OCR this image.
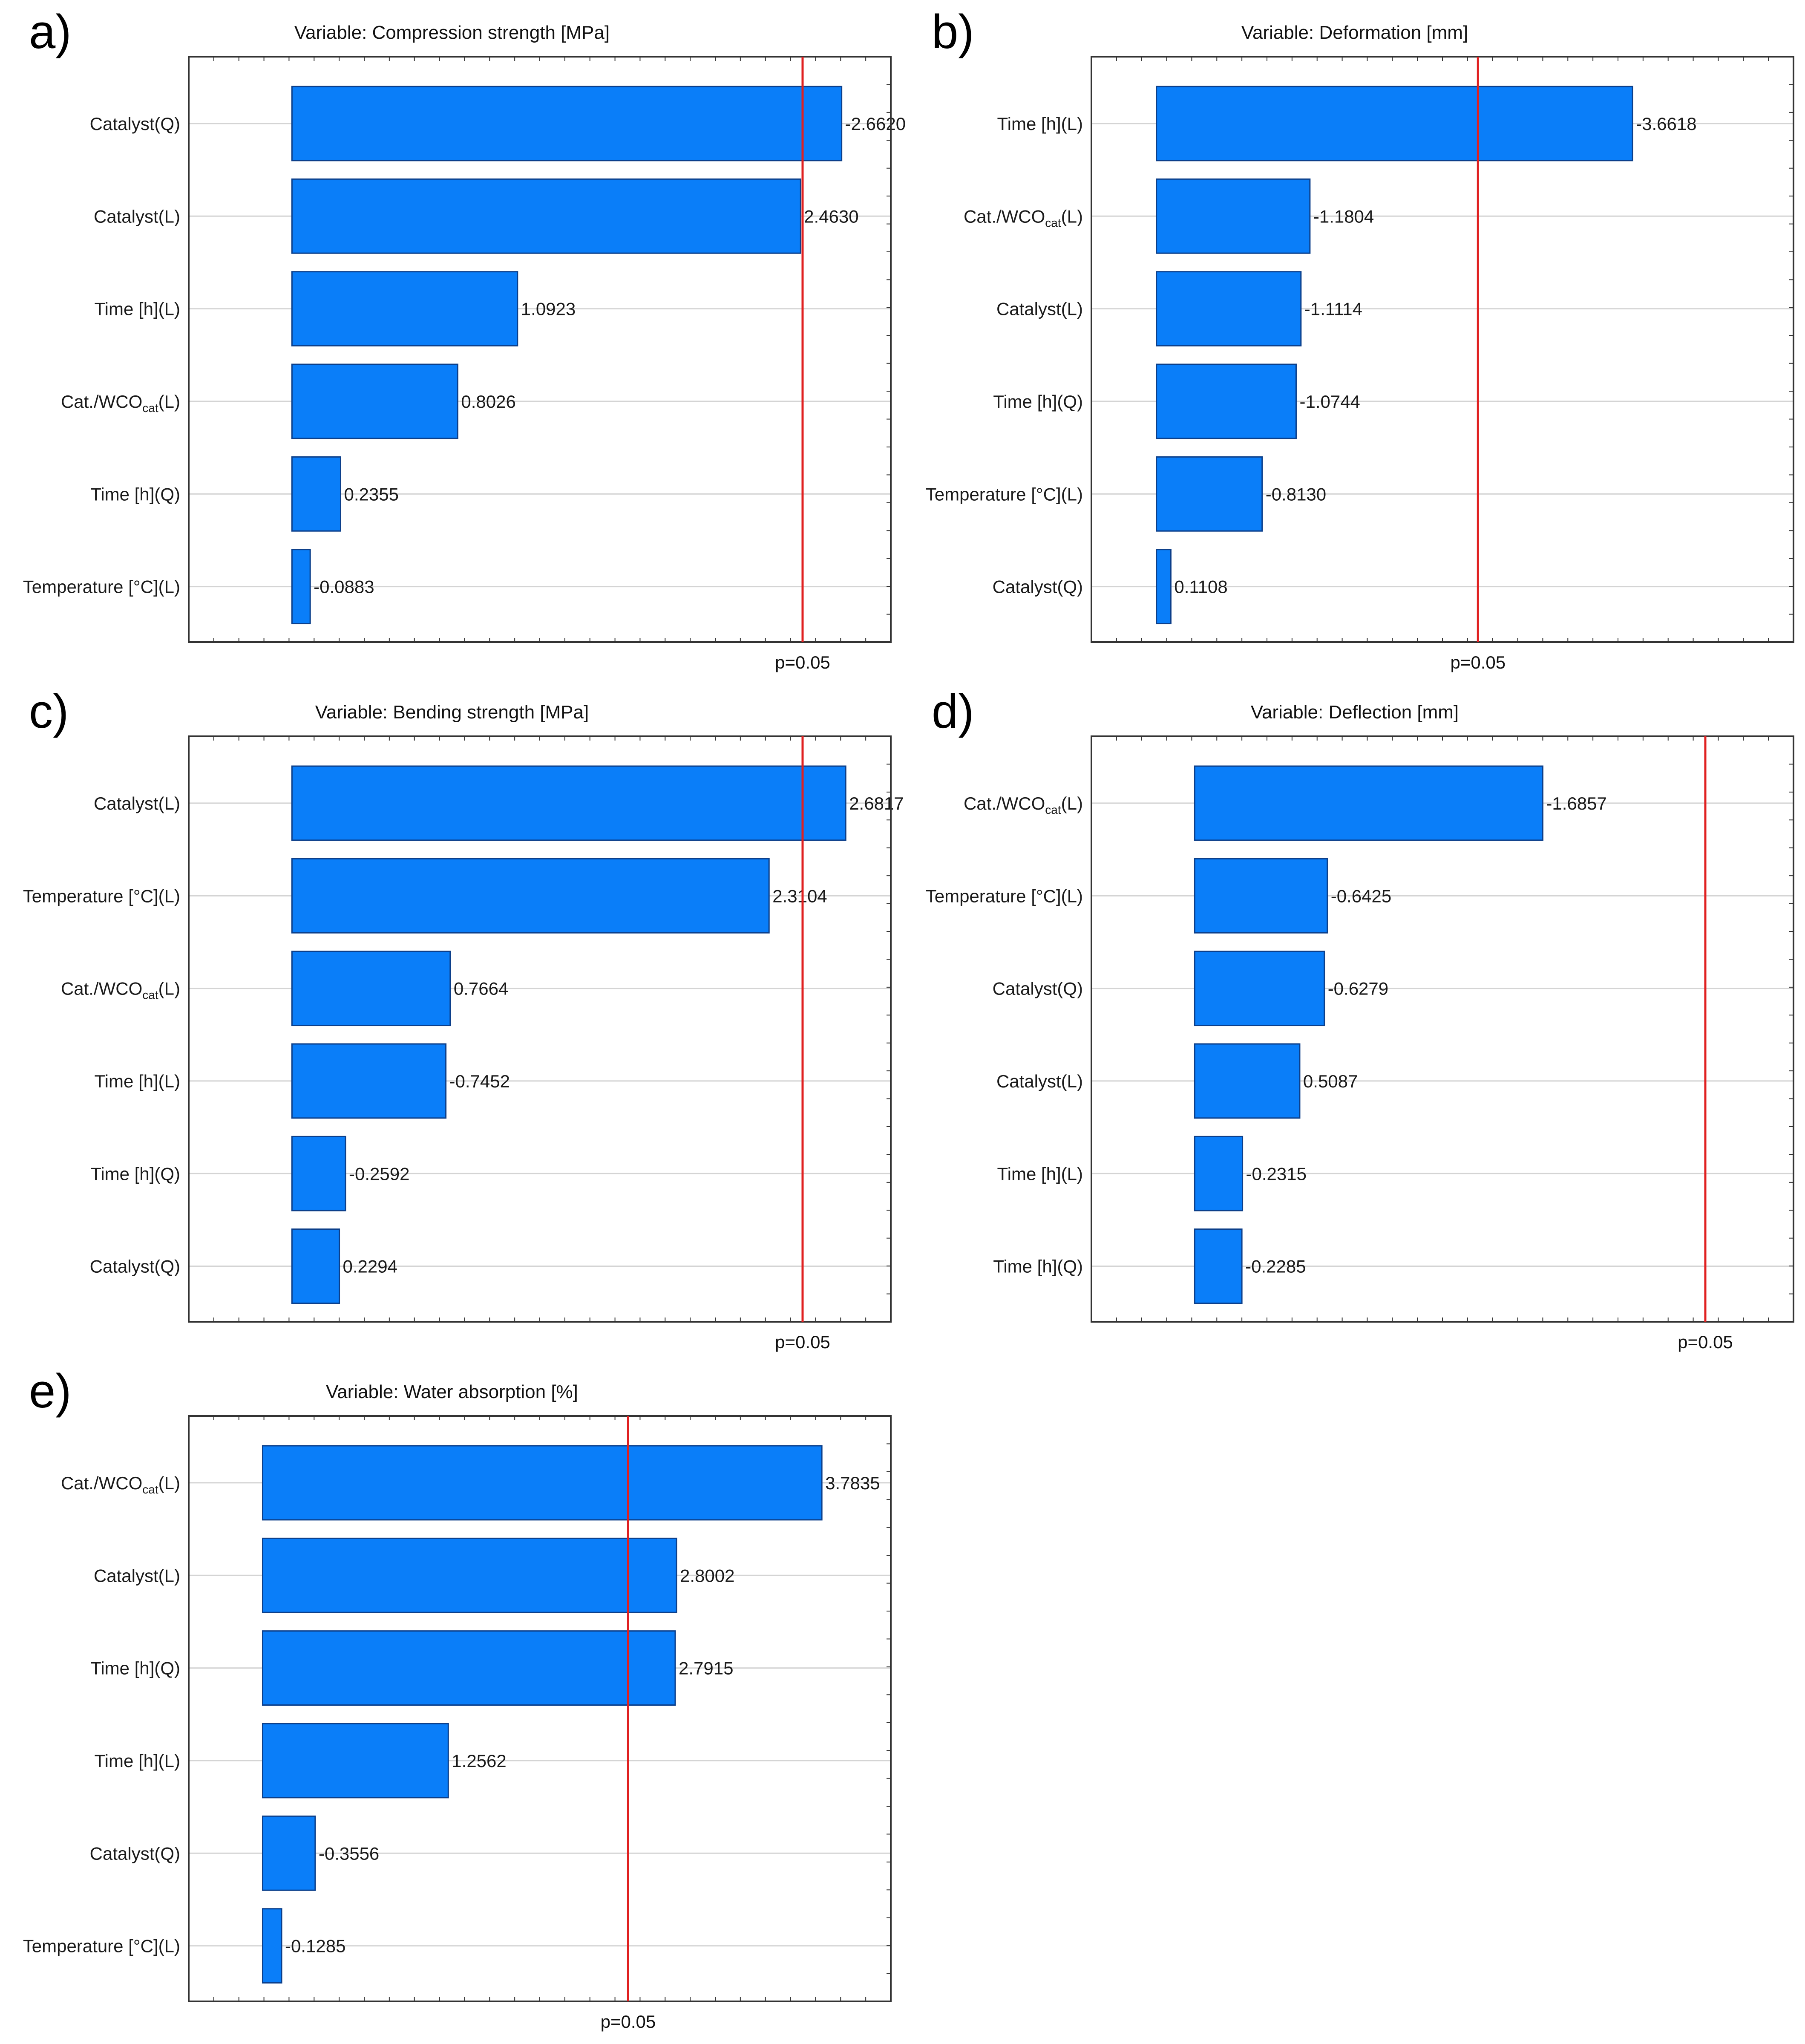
a)	Variable: Compression strength [MPa]
Catalyst(Q)	-2.6620
Catalyst(L)	2.4630
Time [h](L)	1.0923
$Cat./WCO_{cat}(L)$	0.8026
Time [h](Q)	0.2355
Temperature [°C](L)	-0.0883
p=0.05
b)	Variable: Deformation [mm]
Time [h](L)	-3.6618
$Cat./WCO_{cat}(L)$	-1.1804
Catalyst(L)	-1.1114
Time [h](Q)	-1.0744
Temperature [°C](L)	-0.8130
Catalyst(Q)	0.1108
p=0.05
c)	Variable: Bending strength [MPa]
Catalyst(L)	2.6817
Temperature [°C](L)	2.3104
$Cat./WCO_{cat}(L)$	0.7664
Time [h](L)	-0.7452
Time [h](Q)	-0.2592
Catalyst(Q)	0.2294
p=0.05
d)	Variable: Deflection [mm]
$Cat./WCO_{cat}(L)$	-1.6857
Temperature [°C](L)	-0.6425
Catalyst(Q)	-0.6279
Catalyst(L)	0.5087
Time [h](L)	-0.2315
Time [h](Q)	-0.2285
p=0.05
e)	Variable: Water absorption [%]
$Cat./WCO_{cat}(L)$	3.7835
Catalyst(L)	2.8002
Time [h](Q)	2.7915
Time [h](L)	1.2562
Catalyst(Q)	-0.3556
Temperature [°C](L)	-0.1285
p=0.05
